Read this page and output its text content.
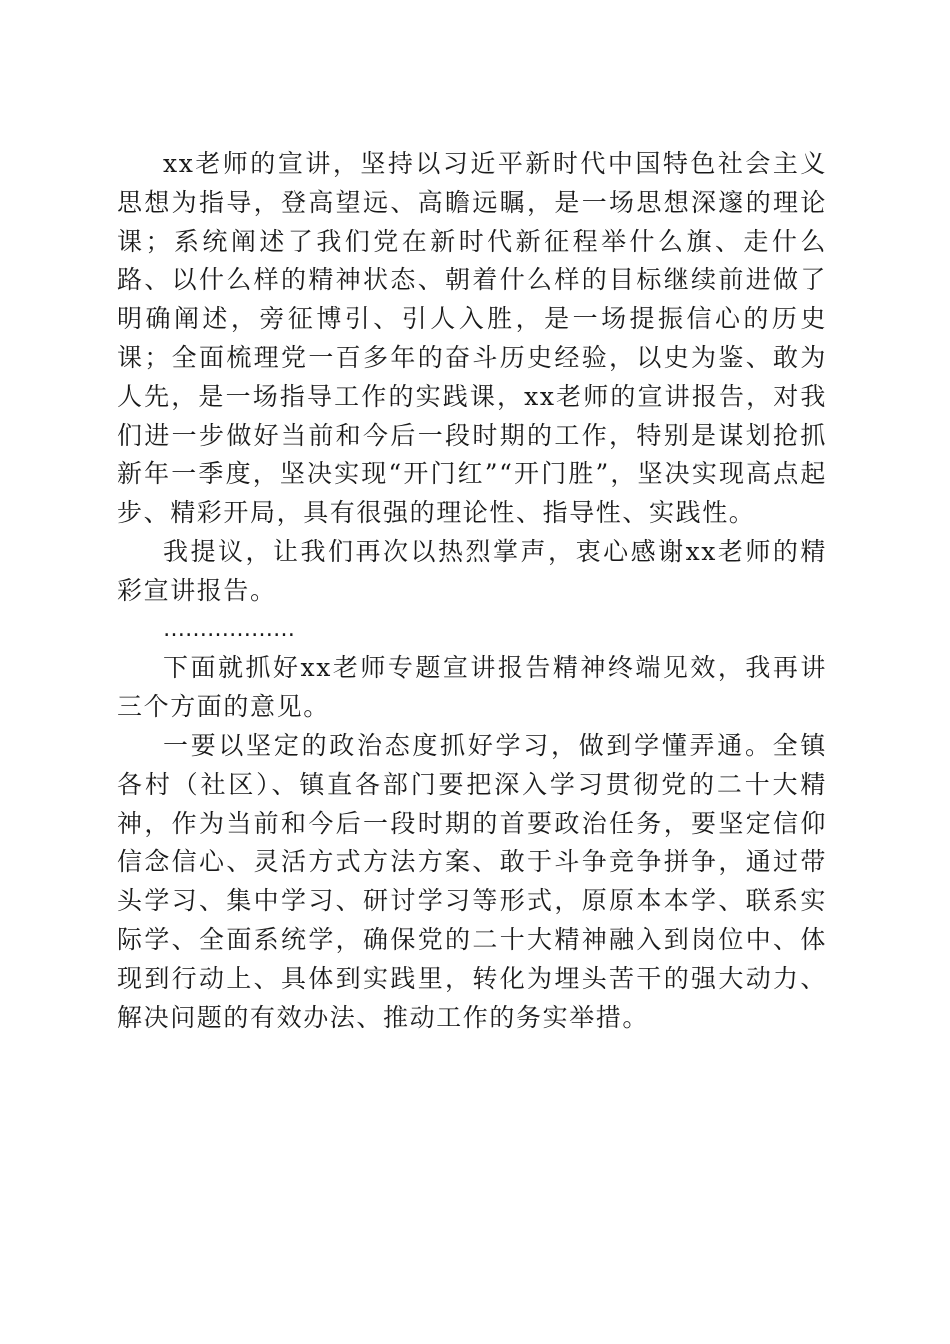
xx老师的宣讲，坚持以习近平新时代中国特色社会主义思想为指导，登高望远、高瞻远瞩，是一场思想深邃的理论课；系统阐述了我们党在新时代新征程举什么旗、走什么路、以什么样的精神状态、朝着什么样的目标继续前进做了明确阐述，旁征博引、引人入胜，是一场提振信心的历史课；全面梳理党一百多年的奋斗历史经验，以史为鉴、敢为人先，是一场指导工作的实践课，xx老师的宣讲报告，对我们进一步做好当前和今后一段时期的工作，特别是谋划抢抓新年一季度，坚决实现“开门红”“开门胜”，坚决实现高点起步、精彩开局，具有很强的理论性、指导性、实践性。

我提议，让我们再次以热烈掌声，衷心感谢xx老师的精彩宣讲报告。

………………

下面就抓好xx老师专题宣讲报告精神终端见效，我再讲三个方面的意见。

一要以坚定的政治态度抓好学习，做到学懂弄通。全镇各村（社区）、镇直各部门要把深入学习贯彻党的二十大精神，作为当前和今后一段时期的首要政治任务，要坚定信仰信念信心、灵活方式方法方案、敢于斗争竞争拼争，通过带头学习、集中学习、研讨学习等形式，原原本本学、联系实际学、全面系统学，确保党的二十大精神融入到岗位中、体现到行动上、具体到实践里，转化为埋头苦干的强大动力、解决问题的有效办法、推动工作的务实举措。
